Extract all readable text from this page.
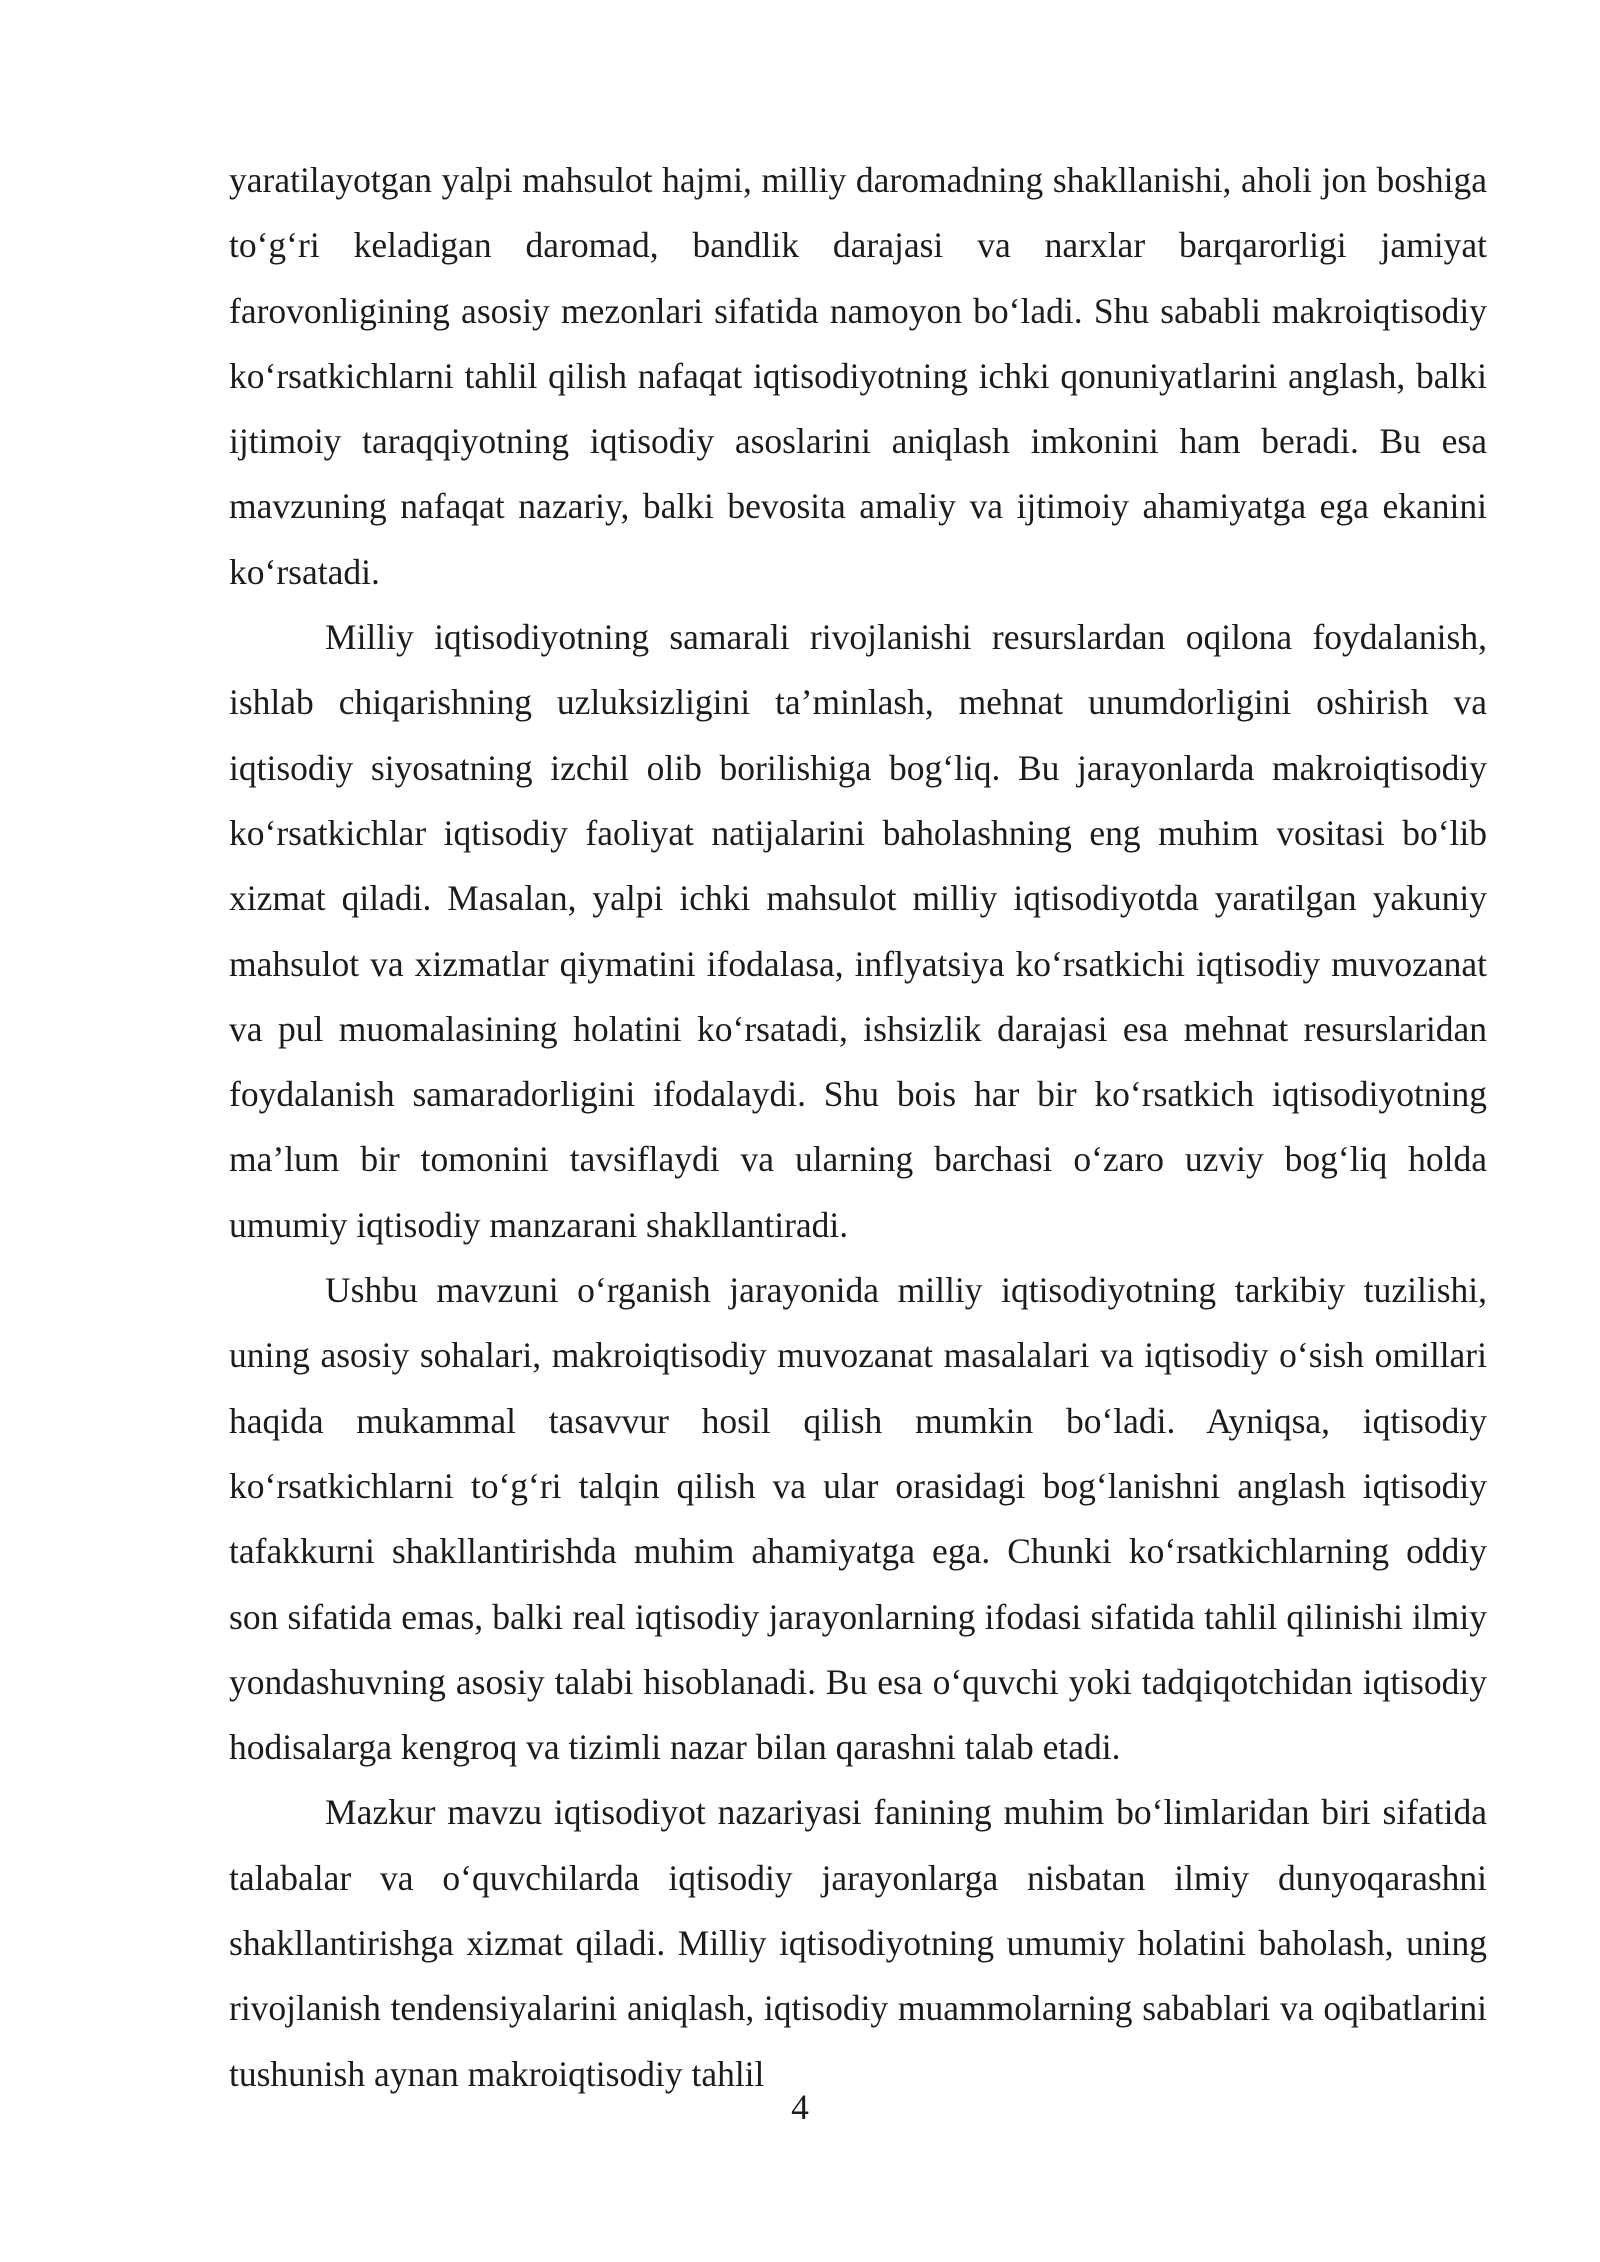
yaratilayotgan yalpi mahsulot hajmi, milliy daromadning shakllanishi, aholi jon boshiga to‘g‘ri keladigan daromad, bandlik darajasi va narxlar barqarorligi jamiyat farovonligining asosiy mezonlari sifatida namoyon bo‘ladi. Shu sababli makroiqtisodiy ko‘rsatkichlarni tahlil qilish nafaqat iqtisodiyotning ichki qonuniyatlarini anglash, balki ijtimoiy taraqqiyotning iqtisodiy asoslarini aniqlash imkonini ham beradi. Bu esa mavzuning nafaqat nazariy, balki bevosita amaliy va ijtimoiy ahamiyatga ega ekanini ko‘rsatadi.

Milliy iqtisodiyotning samarali rivojlanishi resurslardan oqilona foydalanish, ishlab chiqarishning uzluksizligini ta’minlash, mehnat unumdorligini oshirish va iqtisodiy siyosatning izchil olib borilishiga bog‘liq. Bu jarayonlarda makroiqtisodiy ko‘rsatkichlar iqtisodiy faoliyat natijalarini baholashning eng muhim vositasi bo‘lib xizmat qiladi. Masalan, yalpi ichki mahsulot milliy iqtisodiyotda yaratilgan yakuniy mahsulot va xizmatlar qiymatini ifodalasa, inflyatsiya ko‘rsatkichi iqtisodiy muvozanat va pul muomalasining holatini ko‘rsatadi, ishsizlik darajasi esa mehnat resurslaridan foydalanish samaradorligini ifodalaydi. Shu bois har bir ko‘rsatkich iqtisodiyotning ma’lum bir tomonini tavsiflaydi va ularning barchasi o‘zaro uzviy bog‘liq holda umumiy iqtisodiy manzarani shakllantiradi.

Ushbu mavzuni o‘rganish jarayonida milliy iqtisodiyotning tarkibiy tuzilishi, uning asosiy sohalari, makroiqtisodiy muvozanat masalalari va iqtisodiy o‘sish omillari haqida mukammal tasavvur hosil qilish mumkin bo‘ladi. Ayniqsa, iqtisodiy ko‘rsatkichlarni to‘g‘ri talqin qilish va ular orasidagi bog‘lanishni anglash iqtisodiy tafakkurni shakllantirishda muhim ahamiyatga ega. Chunki ko‘rsatkichlarning oddiy son sifatida emas, balki real iqtisodiy jarayonlarning ifodasi sifatida tahlil qilinishi ilmiy yondashuvning asosiy talabi hisoblanadi. Bu esa o‘quvchi yoki tadqiqotchidan iqtisodiy hodisalarga kengroq va tizimli nazar bilan qarashni talab etadi.

Mazkur mavzu iqtisodiyot nazariyasi fanining muhim bo‘limlaridan biri sifatida talabalar va o‘quvchilarda iqtisodiy jarayonlarga nisbatan ilmiy dunyoqarashni shakllantirishga xizmat qiladi. Milliy iqtisodiyotning umumiy holatini baholash, uning rivojlanish tendensiyalarini aniqlash, iqtisodiy muammolarning sabablari va oqibatlarini tushunish aynan makroiqtisodiy tahlil

4
